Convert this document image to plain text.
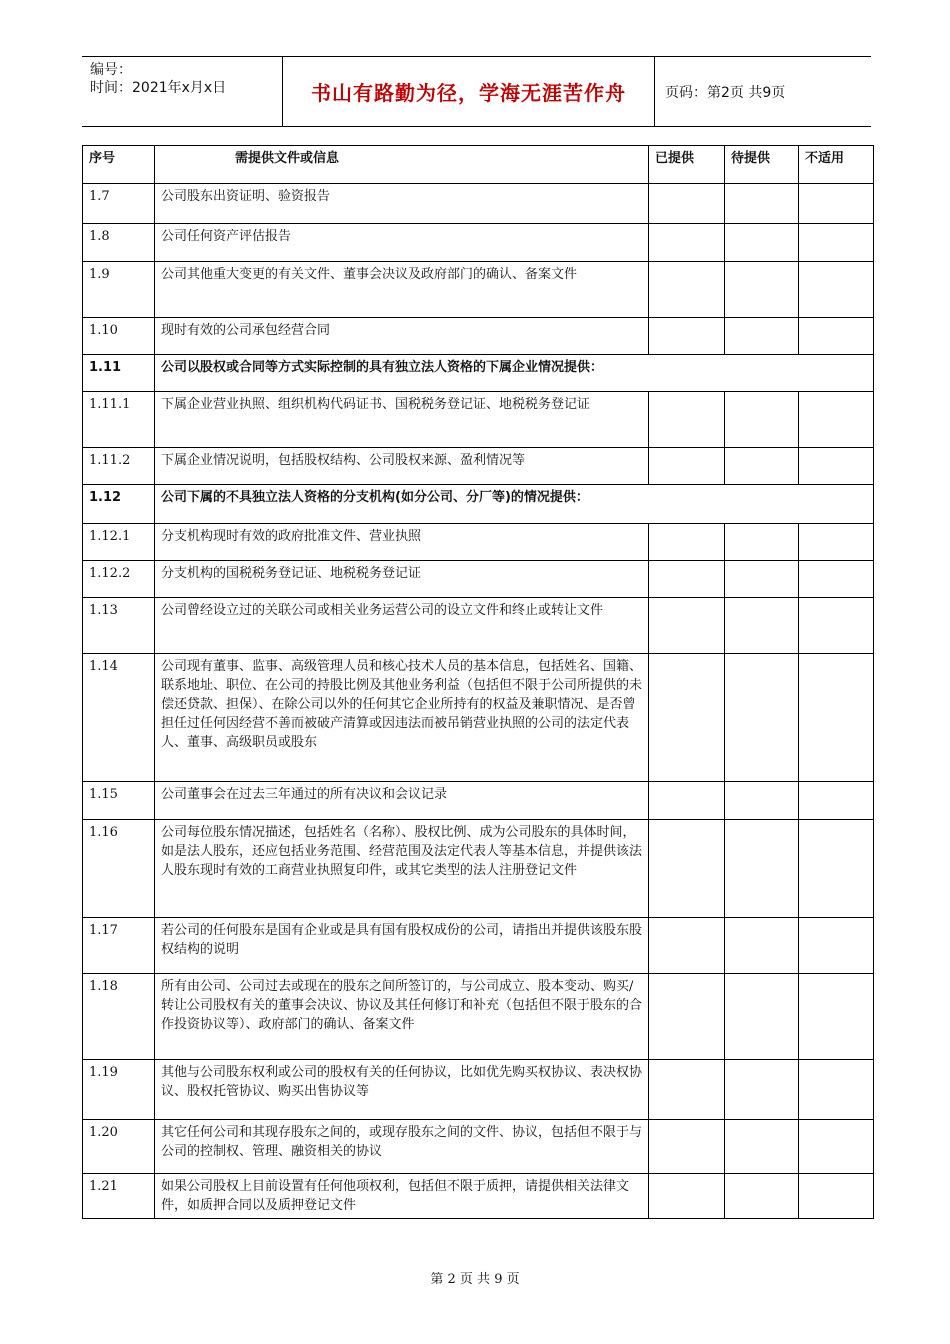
编号：
时间：2021年x月x日	书山有路勤为径，学海无涯苦作舟	页码：第2页 共9页
序号	需提供文件或信息	已提供	待提供	不适用
1.7	公司股东出资证明、验资报告			
1.8	公司任何资产评估报告			
1.9	公司其他重大变更的有关文件、董事会决议及政府部门的确认、备案文件			
1.10	现时有效的公司承包经营合同			
1.11	公司以股权或合同等方式实际控制的具有独立法人资格的下属企业情况提供：			
1.11.1	下属企业营业执照、组织机构代码证书、国税税务登记证、地税税务登记证			
1.11.2	下属企业情况说明，包括股权结构、公司股权来源、盈利情况等			
1.12	公司下属的不具独立法人资格的分支机构(如分公司、分厂等)的情况提供：			
1.12.1	分支机构现时有效的政府批准文件、营业执照			
1.12.2	分支机构的国税税务登记证、地税税务登记证			
1.13	公司曾经设立过的关联公司或相关业务运营公司的设立文件和终止或转让文件			
1.14	公司现有董事、监事、高级管理人员和核心技术人员的基本信息，包括姓名、国籍、联系地址、职位、在公司的持股比例及其他业务利益（包括但不限于公司所提供的未偿还贷款、担保）、在除公司以外的任何其它企业所持有的权益及兼职情况、是否曾担任过任何因经营不善而被破产清算或因违法而被吊销营业执照的公司的法定代表人、董事、高级职员或股东			
1.15	公司董事会在过去三年通过的所有决议和会议记录			
1.16	公司每位股东情况描述，包括姓名（名称）、股权比例、成为公司股东的具体时间，如是法人股东，还应包括业务范围、经营范围及法定代表人等基本信息，并提供该法人股东现时有效的工商营业执照复印件，或其它类型的法人注册登记文件			
1.17	若公司的任何股东是国有企业或是具有国有股权成份的公司，请指出并提供该股东股权结构的说明			
1.18	所有由公司、公司过去或现在的股东之间所签订的，与公司成立、股本变动、购买/转让公司股权有关的董事会决议、协议及其任何修订和补充（包括但不限于股东的合作投资协议等）、政府部门的确认、备案文件			
1.19	其他与公司股东权利或公司的股权有关的任何协议，比如优先购买权协议、表决权协议、股权托管协议、购买出售协议等			
1.20	其它任何公司和其现存股东之间的，或现存股东之间的文件、协议，包括但不限于与公司的控制权、管理、融资相关的协议			
1.21	如果公司股权上目前设置有任何他项权利，包括但不限于质押，请提供相关法律文件，如质押合同以及质押登记文件			
第 2 页 共 9 页
